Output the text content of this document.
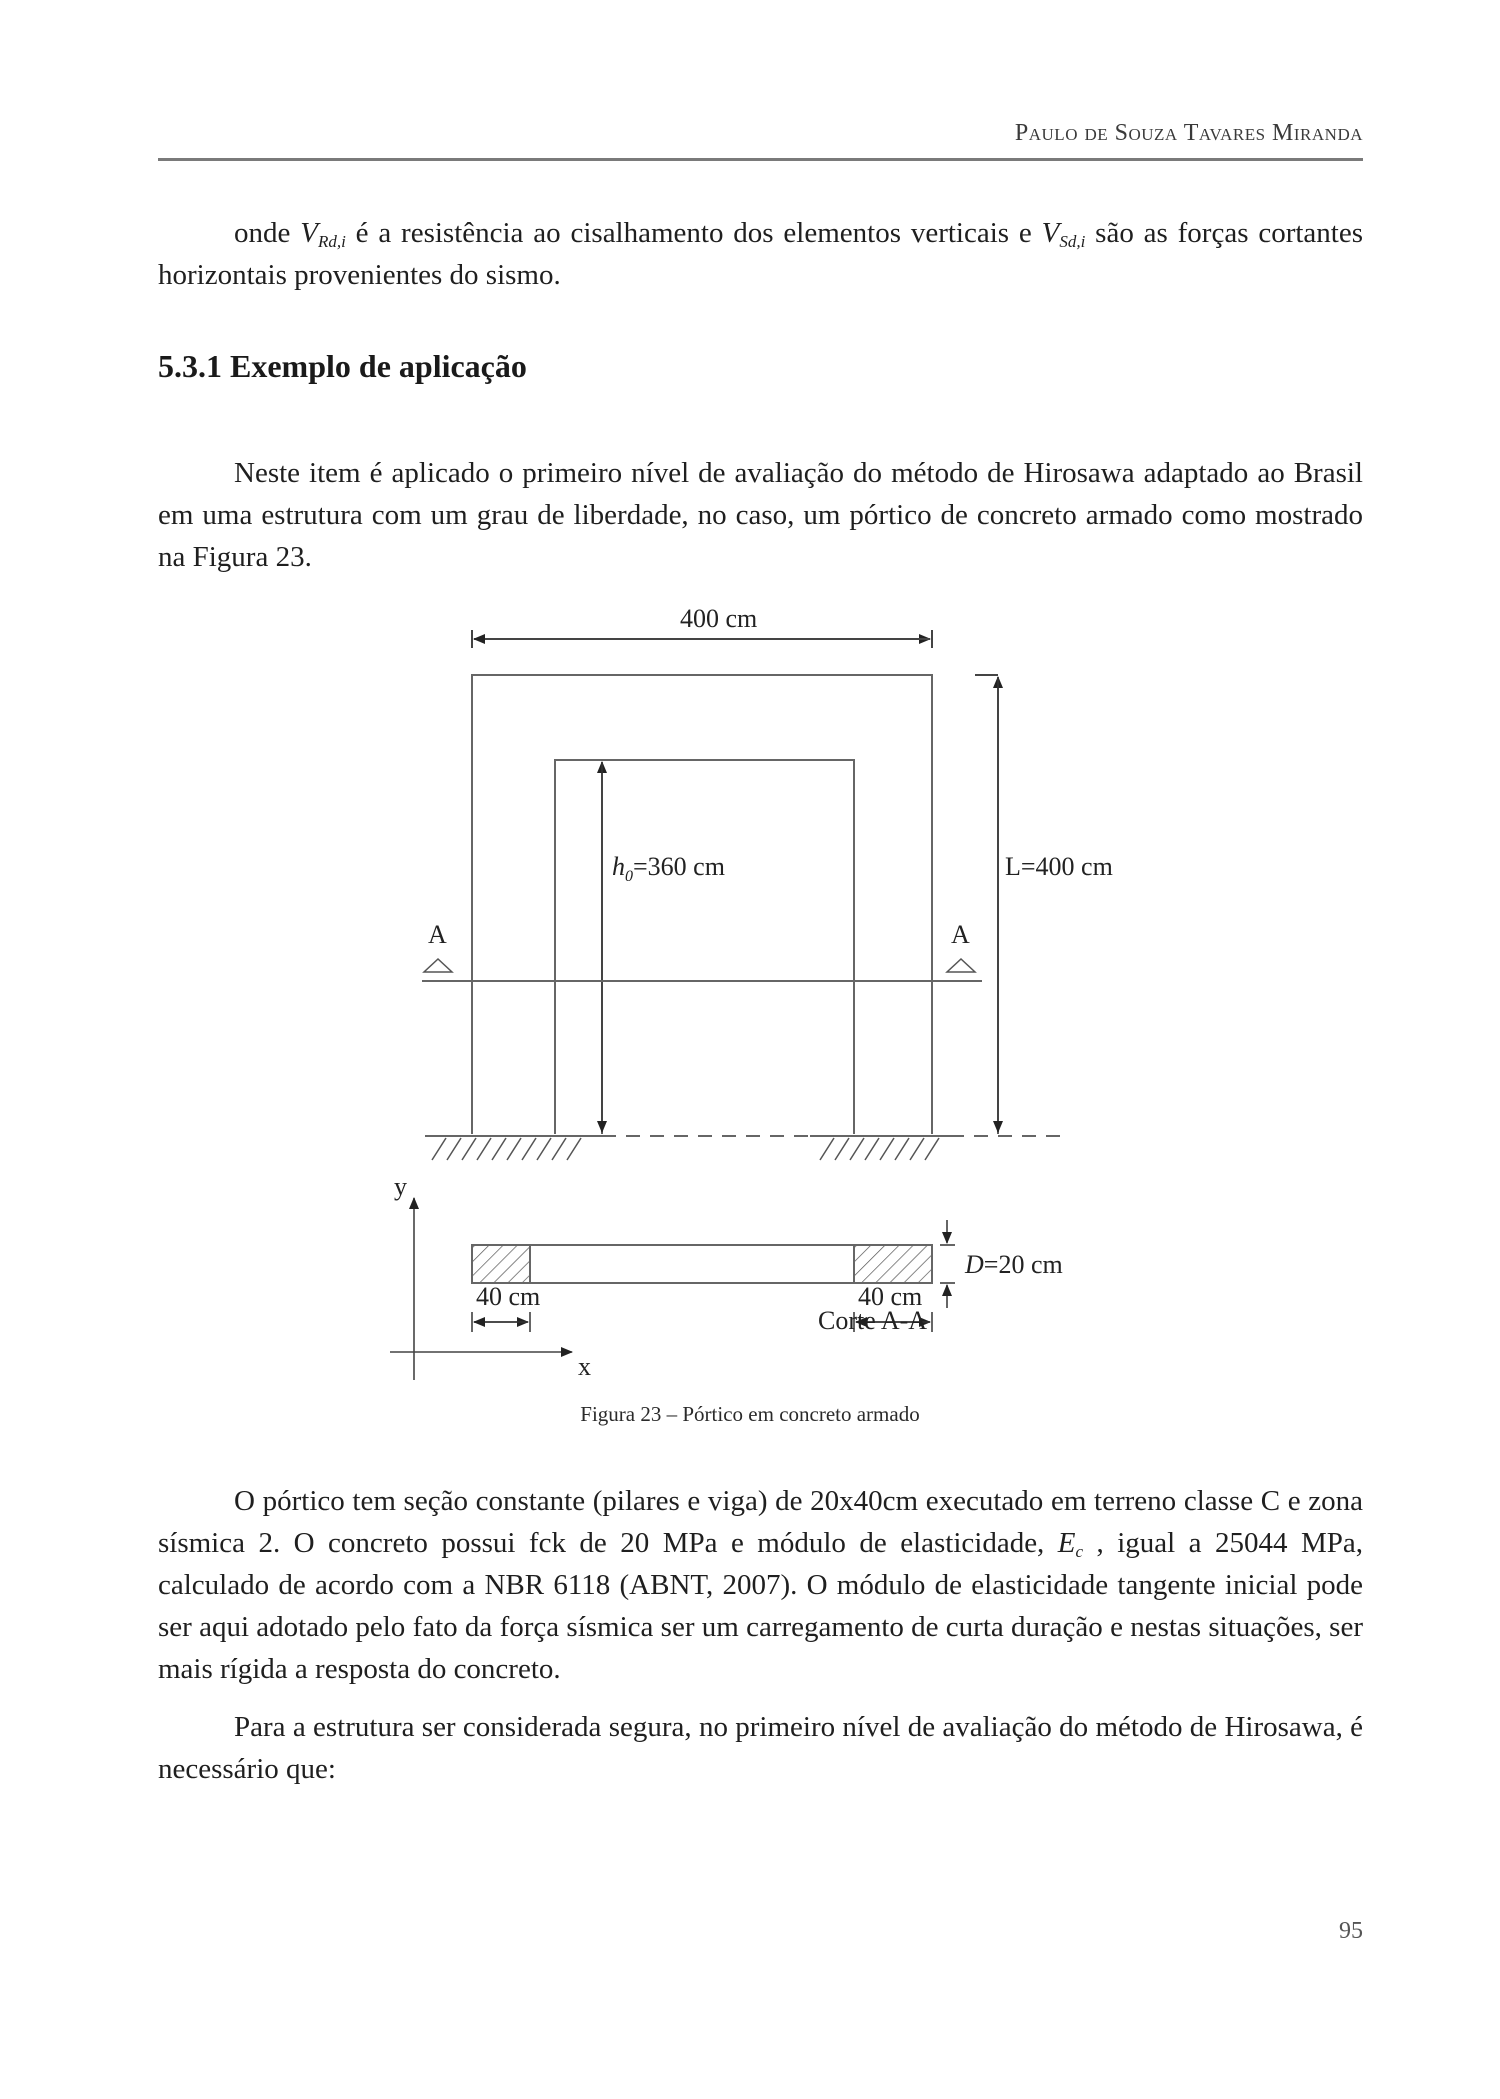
Paulo de Souza Tavares Miranda
onde $V_{Rd,i}$ é a resistência ao cisalhamento dos elementos verticais e $V_{Sd,i}$ são as forças cortantes horizontais provenientes do sismo.
5.3.1 Exemplo de aplicação
Neste item é aplicado o primeiro nível de avaliação do método de Hirosawa adaptado ao Brasil em uma estrutura com um grau de liberdade, no caso, um pórtico de concreto armado como mostrado na Figura 23.
400 cm
$h_0=360$ cm	L=400 cm
A	A
y
x
D=20 cm
40 cm	40 cm
Corte A-A
Figura 23 – Pórtico em concreto armado
O pórtico tem seção constante (pilares e viga) de 20x40cm executado em terreno classe C e zona sísmica 2. O concreto possui fck de 20 MPa e módulo de elasticidade, $E_c$ , igual a 25044 MPa, calculado de acordo com a NBR 6118 (ABNT, 2007). O módulo de elasticidade tangente inicial pode ser aqui adotado pelo fato da força sísmica ser um carregamento de curta duração e nestas situações, ser mais rígida a resposta do concreto.
Para a estrutura ser considerada segura, no primeiro nível de avaliação do método de Hirosawa, é necessário que:
95
